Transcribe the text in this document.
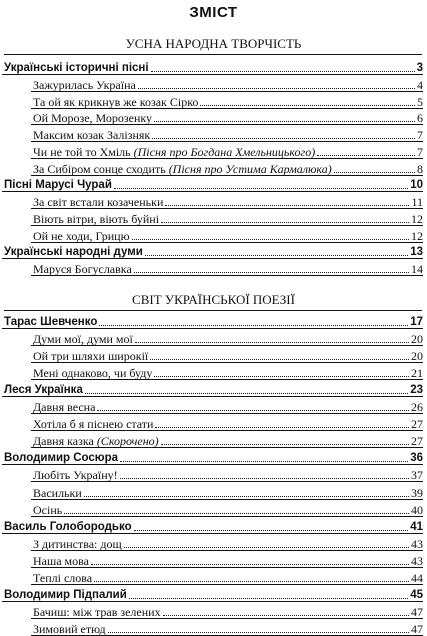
ЗМІСТ
УСНА НАРОДНА ТВОРЧІСТЬ
Українські історичні пісні	3
Зажурилась Україна	4
Та ой як крикнув же козак Сірко	5
Ой Морозе, Морозенку	6
Максим козак Залізняк	7
Чи не той то Хміль (Пісня про Богдана Хмельницького)	7
За Сибіром сонце сходить (Пісня про Устима Кармалюка)	8
Пісні Марусі Чурай	10
За світ встали козаченьки	11
Віють вітри, віють буйні	12
Ой не ходи, Грицю	12
Українські народні думи	13
Маруся Богуславка	14
СВІТ УКРАЇНСЬКОЇ ПОЕЗІЇ
Тарас Шевченко	17
Думи мої, думи мої	20
Ой три шляхи широкії	20
Мені однаково, чи буду	21
Леся Українка	23
Давня весна	26
Хотіла б я піснею стати	27
Давня казка (Скорочено)	27
Володимир Сосюра	36
Любіть Україну!	37
Васильки	39
Осінь	40
Василь Голобородько	41
З дитинства: дощ	43
Наша мова	43
Теплі слова	44
Володимир Підпалий	45
Бачиш: між трав зелених	47
Зимовий етюд	47
